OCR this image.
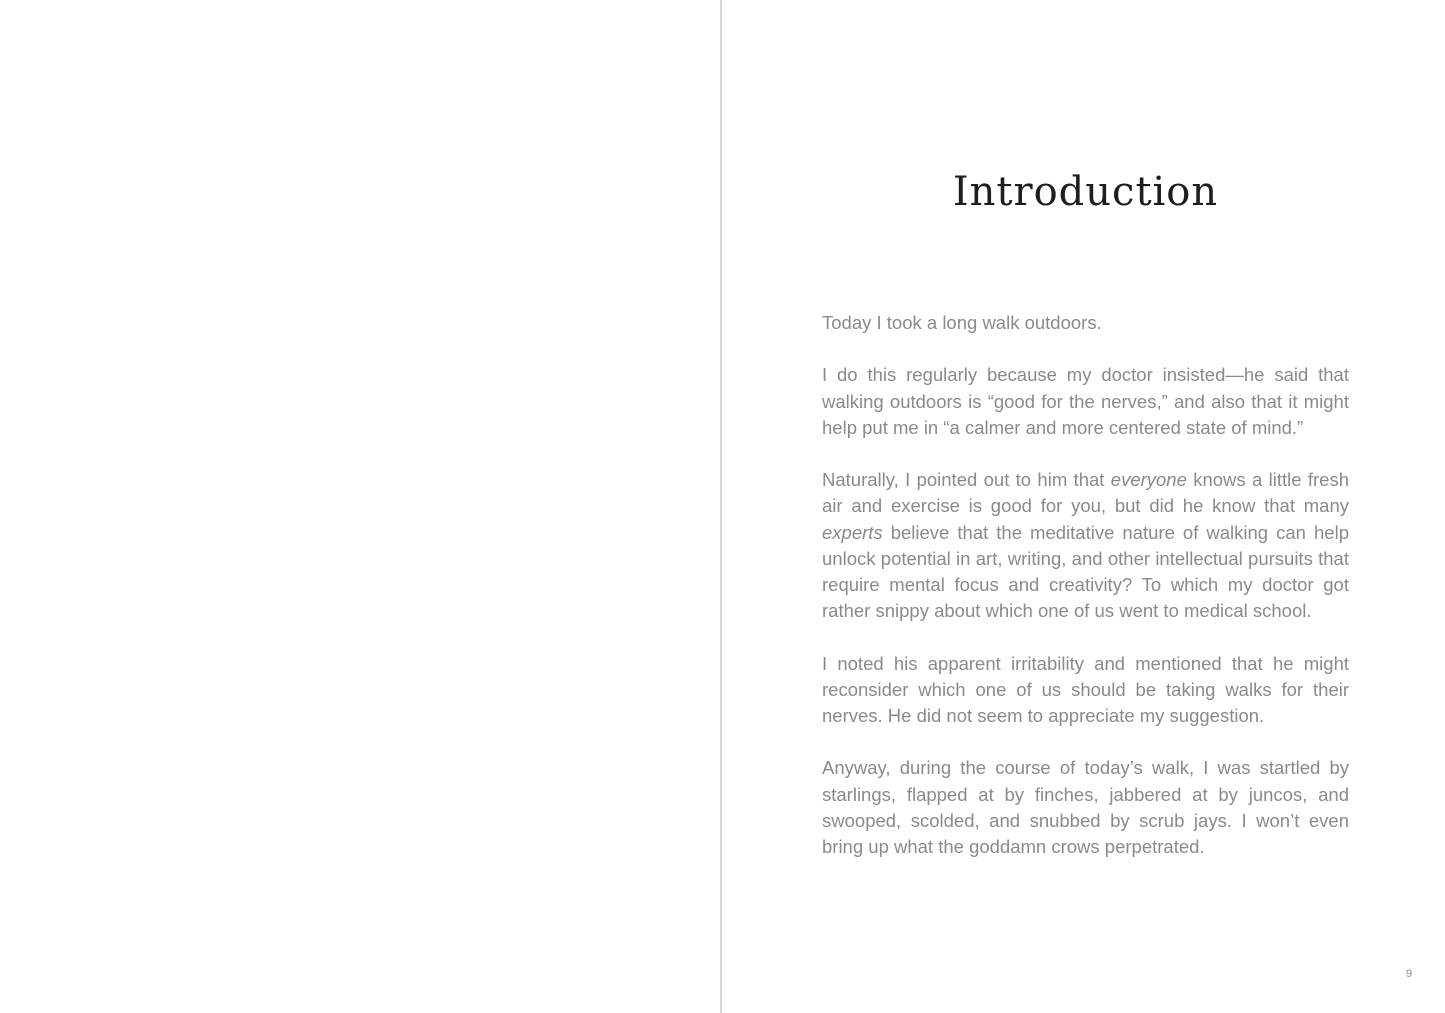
Introduction

Today I took a long walk outdoors.

I do this regularly because my doctor insisted—he said that walking outdoors is “good for the nerves,” and also that it might help put me in “a calmer and more centered state of mind.”

Naturally, I pointed out to him that everyone knows a little fresh air and exercise is good for you, but did he know that many experts believe that the meditative nature of walking can help unlock potential in art, writing, and other intellectual pursuits that require mental focus and creativity? To which my doctor got rather snippy about which one of us went to medical school.

I noted his apparent irritability and mentioned that he might reconsider which one of us should be taking walks for their nerves. He did not seem to appreciate my suggestion.

Anyway, during the course of today’s walk, I was startled by starlings, flapped at by finches, jabbered at by juncos, and swooped, scolded, and snubbed by scrub jays. I won’t even bring up what the goddamn crows perpetrated.

9
